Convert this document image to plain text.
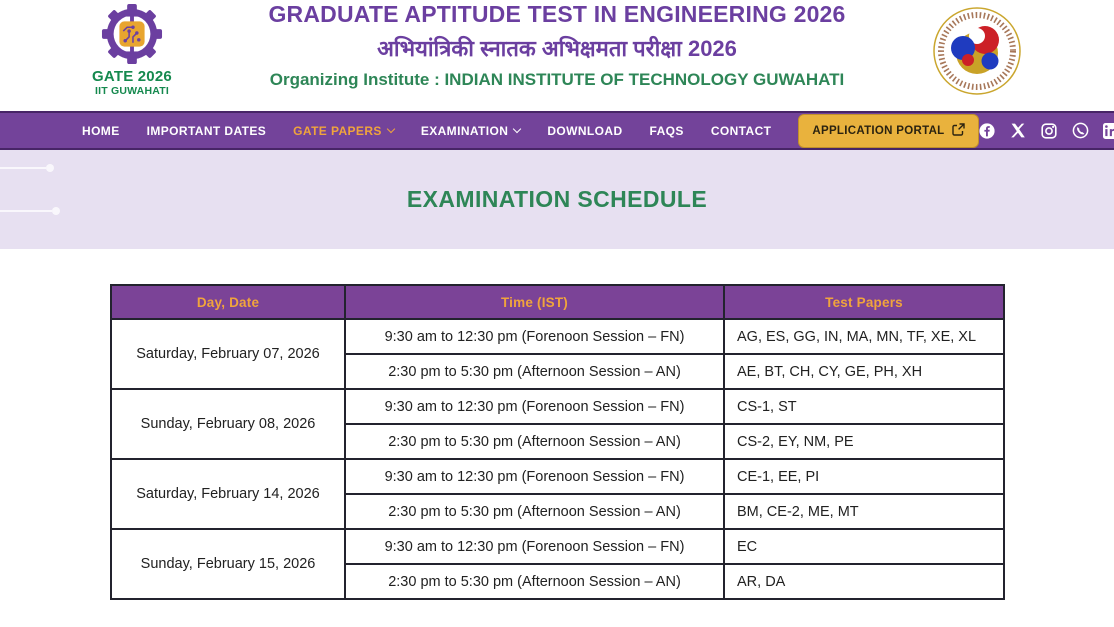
GATE 2026
IIT GUWAHATI
GRADUATE APTITUDE TEST IN ENGINEERING 2026
अभियांत्रिकी स्नातक अभिक्षमता परीक्षा 2026
Organizing Institute : INDIAN INSTITUTE OF TECHNOLOGY GUWAHATI
HOME IMPORTANT DATES GATE PAPERS	EXAMINATION	DOWNLOAD FAQS CONTACT	APPLICATION PORTAL
EXAMINATION SCHEDULE
Day, Date	Time (IST)	Test Papers
Saturday, February 07, 2026	9:30 am to 12:30 pm (Forenoon Session – FN)	AG, ES, GG, IN, MA, MN, TF, XE, XL
	2:30 pm to 5:30 pm (Afternoon Session – AN)	AE, BT, CH, CY, GE, PH, XH
Sunday, February 08, 2026	9:30 am to 12:30 pm (Forenoon Session – FN)	CS-1, ST
	2:30 pm to 5:30 pm (Afternoon Session – AN)	CS-2, EY, NM, PE
Saturday, February 14, 2026	9:30 am to 12:30 pm (Forenoon Session – FN)	CE-1, EE, PI
	2:30 pm to 5:30 pm (Afternoon Session – AN)	BM, CE-2, ME, MT
Sunday, February 15, 2026	9:30 am to 12:30 pm (Forenoon Session – FN)	EC
	2:30 pm to 5:30 pm (Afternoon Session – AN)	AR, DA
